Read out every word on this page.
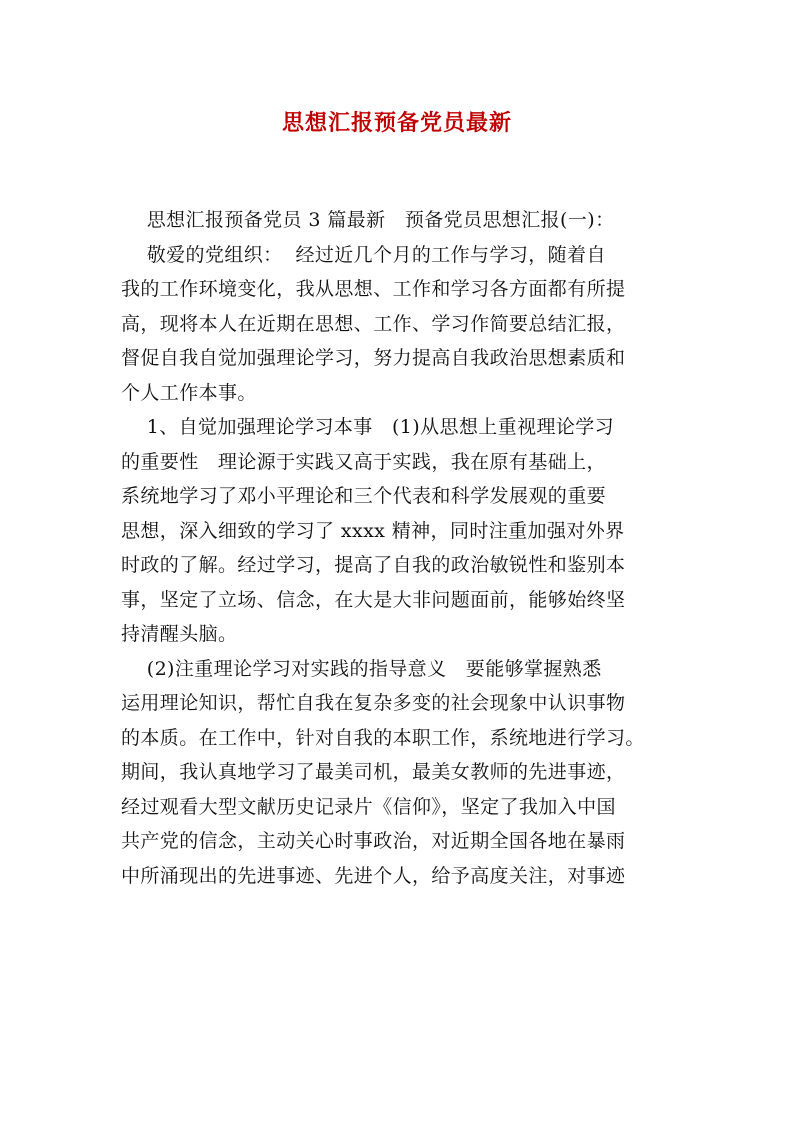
思想汇报预备党员最新
思想汇报预备党员 3 篇最新   预备党员思想汇报(一)：
敬爱的党组织：  经过近几个月的工作与学习，随着自
我的工作环境变化，我从思想、工作和学习各方面都有所提
高，现将本人在近期在思想、工作、学习作简要总结汇报，
督促自我自觉加强理论学习，努力提高自我政治思想素质和
个人工作本事。
1、自觉加强理论学习本事   (1)从思想上重视理论学习
的重要性   理论源于实践又高于实践，我在原有基础上，
系统地学习了邓小平理论和三个代表和科学发展观的重要
思想，深入细致的学习了 xxxx 精神，同时注重加强对外界
时政的了解。经过学习，提高了自我的政治敏锐性和鉴别本
事，坚定了立场、信念，在大是大非问题面前，能够始终坚
持清醒头脑。
(2)注重理论学习对实践的指导意义   要能够掌握熟悉
运用理论知识，帮忙自我在复杂多变的社会现象中认识事物
的本质。在工作中，针对自我的本职工作，系统地进行学习。
期间，我认真地学习了最美司机，最美女教师的先进事迹，
经过观看大型文献历史记录片《信仰》，坚定了我加入中国
共产党的信念，主动关心时事政治，对近期全国各地在暴雨
中所涌现出的先进事迹、先进个人，给予高度关注，对事迹
